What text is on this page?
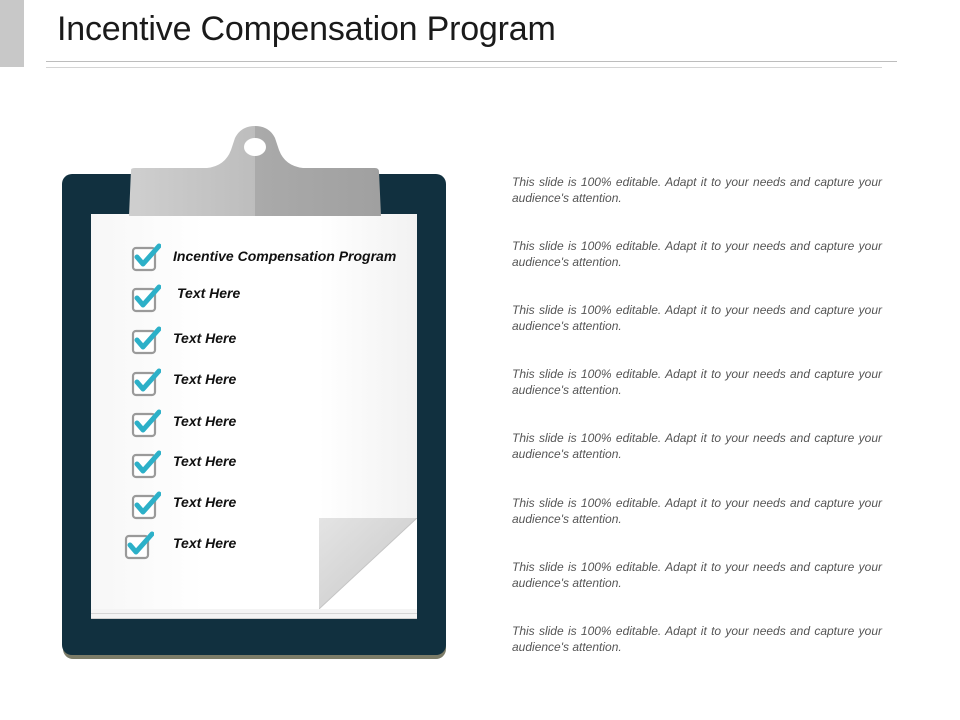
Incentive Compensation Program
Incentive Compensation Program
Text Here
Text Here
Text Here
Text Here
Text Here
Text Here
Text Here

This slide is 100% editable. Adapt it to your needs and capture your audience's attention.

This slide is 100% editable. Adapt it to your needs and capture your audience's attention.

This slide is 100% editable. Adapt it to your needs and capture your audience's attention.

This slide is 100% editable. Adapt it to your needs and capture your audience's attention.

This slide is 100% editable. Adapt it to your needs and capture your audience's attention.

This slide is 100% editable. Adapt it to your needs and capture your audience's attention.

This slide is 100% editable. Adapt it to your needs and capture your audience's attention.

This slide is 100% editable. Adapt it to your needs and capture your audience's attention.
